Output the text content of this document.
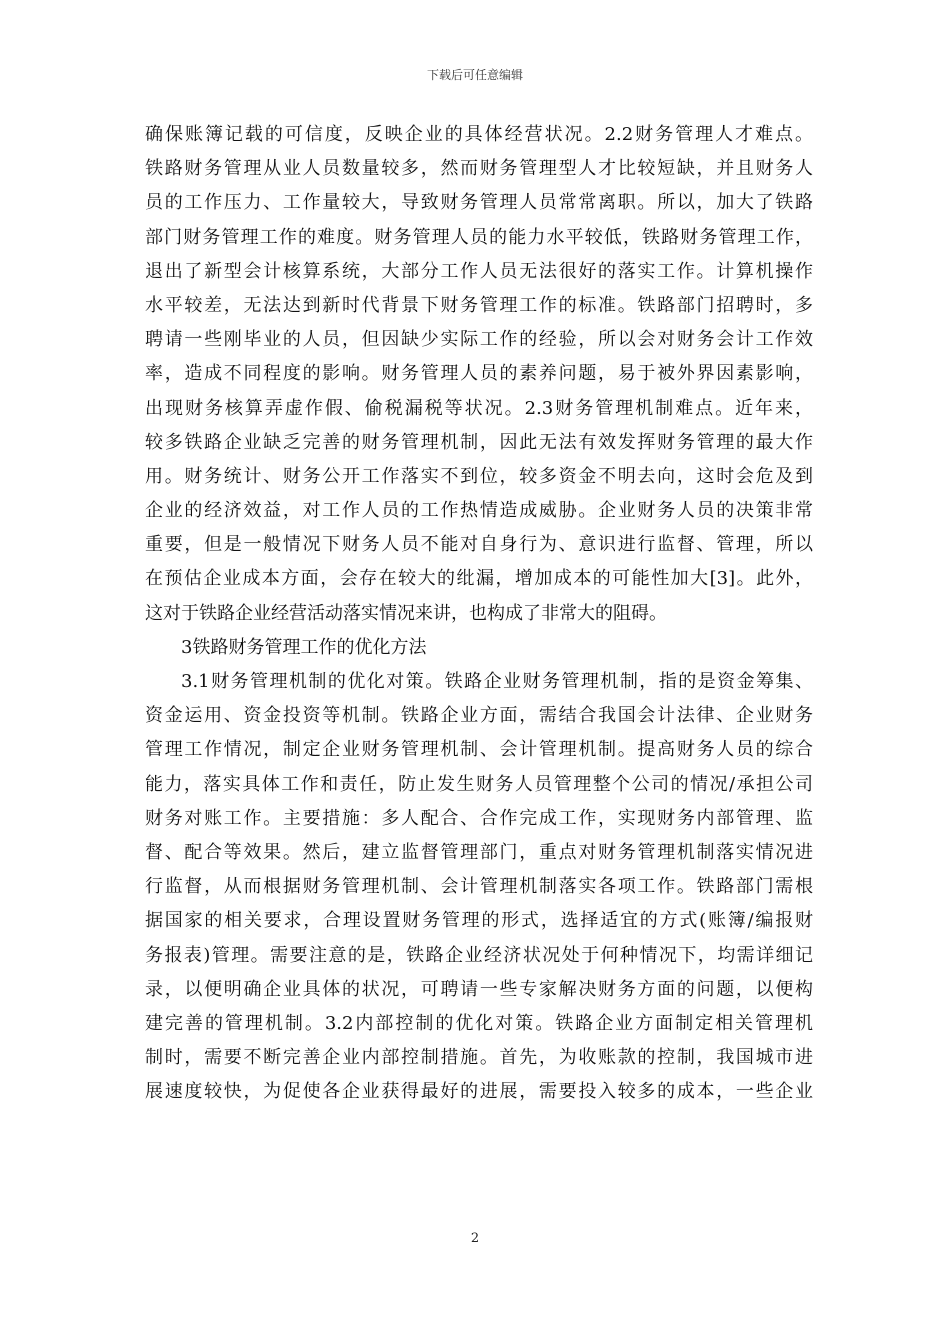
下载后可任意编辑
确保账簿记载的可信度，反映企业的具体经营状况。2.2财务管理人才难点。
铁路财务管理从业人员数量较多，然而财务管理型人才比较短缺，并且财务人
员的工作压力、工作量较大，导致财务管理人员常常离职。所以，加大了铁路
部门财务管理工作的难度。财务管理人员的能力水平较低，铁路财务管理工作，
退出了新型会计核算系统，大部分工作人员无法很好的落实工作。计算机操作
水平较差，无法达到新时代背景下财务管理工作的标准。铁路部门招聘时，多
聘请一些刚毕业的人员，但因缺少实际工作的经验，所以会对财务会计工作效
率，造成不同程度的影响。财务管理人员的素养问题，易于被外界因素影响，
出现财务核算弄虚作假、偷税漏税等状况。2.3财务管理机制难点。近年来，
较多铁路企业缺乏完善的财务管理机制，因此无法有效发挥财务管理的最大作
用。财务统计、财务公开工作落实不到位，较多资金不明去向，这时会危及到
企业的经济效益，对工作人员的工作热情造成威胁。企业财务人员的决策非常
重要，但是一般情况下财务人员不能对自身行为、意识进行监督、管理，所以
在预估企业成本方面，会存在较大的纰漏，增加成本的可能性加大[3]。此外，
这对于铁路企业经营活动落实情况来讲，也构成了非常大的阻碍。
3铁路财务管理工作的优化方法
3.1财务管理机制的优化对策。铁路企业财务管理机制，指的是资金筹集、
资金运用、资金投资等机制。铁路企业方面，需结合我国会计法律、企业财务
管理工作情况，制定企业财务管理机制、会计管理机制。提高财务人员的综合
能力，落实具体工作和责任，防止发生财务人员管理整个公司的情况/承担公司
财务对账工作。主要措施：多人配合、合作完成工作，实现财务内部管理、监
督、配合等效果。然后，建立监督管理部门，重点对财务管理机制落实情况进
行监督，从而根据财务管理机制、会计管理机制落实各项工作。铁路部门需根
据国家的相关要求，合理设置财务管理的形式，选择适宜的方式(账簿/编报财
务报表)管理。需要注意的是，铁路企业经济状况处于何种情况下，均需详细记
录，以便明确企业具体的状况，可聘请一些专家解决财务方面的问题，以便构
建完善的管理机制。3.2内部控制的优化对策。铁路企业方面制定相关管理机
制时，需要不断完善企业内部控制措施。首先，为收账款的控制，我国城市进
展速度较快，为促使各企业获得最好的进展，需要投入较多的成本，一些企业
2
